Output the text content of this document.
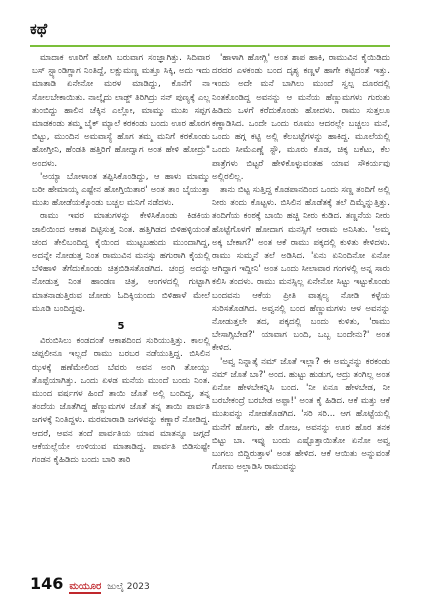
ಕಥೆ

ಮಾದಾಕ ಊರಿಗೆ ಹೋಗಿ ಬರುವಾಗ ಸಂಜ್ಞಾಗಿತ್ತು. ಸಿದಿವಾರ ಬಸ್ ಸ್ಟ್ಯಾಂಡಿಗ್ಣಾಗ ನಿಂತಿದ್ದೆ, ಲಕ್ಷುಮಣ್ಣ ಮತ್ತೂ ಸಿಕ್ಕಿ, ಅದು ಇದು ಮಾತಾಡಿ ಏನೇನೋ ಮರಳ ಮಾಡಿದ್ದು, ಕೊನೆಗೆ ನಾ ಸೋಲಬೇಕಾಯಿತು. ನಾಲ್ಕೈದು ಲಾಡ್ಜ್ ತಿರಿಗಿದ್ರು ನನ್ ಪುಣ್ಯಕ್ಕೆ ಎಲ್ಲ ತುಂಬಿದ್ದು ಹಾಲಿನ ಚೆಕ್ಕಿನ ಎಲ್ಲೋ, ಮಾಮ್ಮು ಮುಖ ಸಪ್ಪಗ ಮಾಡಕಂಡು ತಮ್ಮ ಬೈಕ್ ಮ್ಯಾಲೆ ಕರಕಂಡು ಬಂದು ಊರ ಹೊರಗ ಬಿಟ್ಟು, ಮುಂದಿನ ಅಮವಾಸ್ಯೆ ಹೊಗ ತಮ್ಮ ಮನಿಗೆ ಕರಕೊಂಡು ಹೋಗ್ತೀನಿ, ಹೆಂಡತಿ ಹತ್ತಿರಿಗೆ ಹೋದ್ವಾಗ ಅಂತ ಹೇಳಿ ಹೋದ್ರು" ಅಂದಳು.

'ಅಯ್ಯಾ ಬೋಳಾಂತ ತಪ್ಪಿಸಿಕೊಂಡಿದ್ದು, ಆ ಹಾಳು ಮಾಮ್ಮು ಬರೀ ಹೇಮಾಯ್ಕ ಎಷ್ಟೇನ ಹೋಗ್ತಿಯಿತಾರ' ಅಂತ ತಾಂ ಬೈಯುತ್ತಾ ಮುಖ ಹೋಡೆಯಕ್ಕೊಂಡು ಬಚ್ಚಲ ಮನಿಗೆ ನಡೆದಳು.

ರಾಮು ಇವರ ಮಾತುಗಳನ್ನು ಕೇಳಿಸಿಕೊಂಡು ಕಿಡಕಿಯ ಜಾಲಿಯಿಂದ ಆಕಾಶ ದಿಟ್ಟಿಸುತ್ತ ನಿಂತ. ಹತ್ತಿಗಿಡದ ಬಿಳಿಹಳ್ಳಿಯಂತೆ ಚಂದ ತೇಲಿಬಂದಿದ್ದ ಕೈಯಿಂದ ಮುಟ್ಟಬಹುದು ಮುಂದಾಗಿದ್ದ, ಅದನ್ನೇ ನೋಡುತ್ತ ನಿಂತ ರಾಮುವಿನ ಮನಸ್ಸು ಹಗುರಾಗಿ ಕೈಯಲ್ಲಿ ಬೆಳಿಹಾಳಿ ತೆಗೆದುಕೊಂಡು ಚಿತ್ರಬಿಡಿಸತೊಡಗಿದ. ಚಂದ್ರ ಅದನ್ನು ನೋಡುತ್ತ ನಿಂತ ಹಾಂಡಣ ಚಿತ್ರ, ಆಂಗಳದಲ್ಲಿ ಗುಟ್ಟಾಗಿ ಮಾತನಾಡುತ್ತಿರುವ ಜೋಡು ಓದಿಕ್ಕಿಯಂದು ಬಿಳಿಹಾಳೆ ಮೇಲೆ ಮೂಡಿ ಬಂದಿದ್ದವು.

5

ವಿರುಬಿಸಿಲು ಕಂಡದಂತೆ ಆಕಾಶದಿಂದ ಸುರಿಯುತ್ತಿತ್ತು. ಕಾಲಲ್ಲಿ ಚಪ್ಪಲೀನೂ ಇಲ್ಲದೆ ರಾಮು ಬರಬರ ನಡೆಯುತ್ತಿದ್ದ. ಬಿಸಿಲಿನ ಝಳಕ್ಕೆ ಹಣೆಮೇಲಿಂದ ಬೆವರು ಅವನ ಅಂಗಿ ತೋಯ್ದು ತೊಪ್ಪೆಯಾಗಿತ್ತು. ಒಂದು ಏಳಡ ಮನೆಯ ಮುಂದೆ ಬಂದು ನಿಂತ. ಮುಂದ ವರ್ಷಗಳ ಹಿಂದೆ ತಾಯಿ ಜೊತೆ ಅಲ್ಲಿ ಬಂದಿದ್ದ, ತನ್ನ ತಂದೆಯ ಜೊತೆಗಿದ್ದ ಹೆಣ್ಣುಮಗಳ ಜೊತೆ ತನ್ನ ತಾಯಿ ಪಾರ್ವತಿ ಜಗಳಕ್ಕೆ ನಿಂತಿದ್ದಳು. ಮರಮಾರಾಡಿ ಜಗಳವನ್ನು ಕಣ್ಣಾರೆ ನೋಡಿದ್ದ. ಆದರೆ, ಆವನ ತಂದೆ ಪಾರ್ವತಿಯ ಯಾವ ಮಾತನ್ನೂ ಜಗ್ಗದೆ ಆಕೆಯಲ್ಲೆಯೇ ಉಳಿಯುವ ಮಾತಾಡಿದ್ದ. ಪಾರ್ವತಿ ಬಿಡಿಸುಷ್ಟೇ ಗಂಡನ ಕೈಹಿಡಿದು ಬಂದು ಬಾರಿ ತಾರಿ

'ಹಾಳಾಗಿ ಹೋಗ್ಲಿ' ಅಂತ ಶಾಪ ಹಾಕಿ, ರಾಮುವಿನ ಕೈಯಿಡಿದು ದರದರ ಎಳಕಂಡು ಬಂದ ದೃಶ್ಯ ಕಣ್ಣಳೆ ಹಾಗೇ ಕಟ್ಟಿದಂತೆ ಇತ್ತು. ಇಂದು ಅದೇ ಮನೆ ಬಾಗಿಲು ಮುಂದೆ ಸ್ವಲ್ಪ ದೂರದಲ್ಲಿ ನಿಂತಕೊಂಡಿದ್ದ ಅವನನ್ನು ಆ ಮನೆಯ ಹೆಣ್ಣುಮಗಳು ಗುರುತು ಹಿಡಿದು ಒಳಗೆ ಕರೆದುಕೊಂಡು ಹೋದಳು. ರಾಮು ಸುತ್ತಲೂ ಕಣ್ಣಾಡಿಸಿದ. ಒಂದೇ ಒಂದು ರೂಮು ಆದರಲ್ಲೇ ಬಚ್ಚಲು ಮನೆ, ಒಂದು ಹಗ್ಗ ಕಟ್ಟಿ ಅಲ್ಲಿ ಕೆಲಬಟ್ಟೆಗಳನ್ನು ಹಾಕಿದ್ದ. ಮೂಲೆಯಲ್ಲಿ ಒಂದು ಸೀಮೆಎಣ್ಣೆ ಸ್ಟೌ, ಮೂರು ಕೊಡ, ಚಿಕ್ಕ ಬಕೆಟು, ಕೆಲ ಪಾತ್ರೆಗಳು ಬಿಟ್ಟರೆ ಹೇಳಿಕೊಳ್ಳುವಂತಹ ಯಾವ ಸೌಕರ್ಯವು ಅಲ್ಲಿರಲಿಲ್ಲ.

ತಾನು ಬಿಟ್ಟ ಸುತ್ತಿದ್ದ ಕೊಡಪಾನದಿಂದ ಒಂದು ಸಣ್ಣ ತಂದಿಗೆ ಅಲ್ಲಿ ನೀರು ತಂದು ಕೊಟ್ಟಳು. ಬಿಸಿಲಿನ ಹೊಡೆತಕ್ಕೆ ತಲೆ ದಿಮ್ಮೆನ್ನುತ್ತಿತ್ತು. ತಂದಿಗೆಯ ಕಂಠಕ್ಕೆ ಬಾಯಿ ಹಚ್ಚಿ ನೀರು ಕುಡಿದ. ತಣ್ಣನೆಯ ನೀರು ಹೊಟ್ಟೆಗೊಳಗೆ ಹೋದಾಗ ಮನಸ್ಸಿಗೆ ಆರಾಮ ಅನಿಸಿತು. 'ಅಮ್ಮ ಅಕ್ಕ ಬೇಕಾಗ?' ಅಂತ ಆಕೆ ರಾಮು ಪಕ್ಕದಲ್ಲಿ ಕುಳಿತು ಕೇಳಿದಳು. ರಾಮು ಸುಮ್ಮನೆ ತಲೆ ಅಡಿಸಿದ. 'ಏನು ಏನಿಂದಿನೋ ಏನೋ ಆಗಿದ್ದಾಗ ಇದ್ದೀನಿ' ಅಂತ ಒಂದು ಸೀಲಾವಾರ ಗಂಗಳಲ್ಲಿ ಅನ್ನ ಸಾರು ಕಲಿಸಿ ತಂದಳು. ರಾಮು ಮನಸ್ಸಿಲ್ಲ ಏನೇನೋ ಸಿಟ್ಟು ಇಟ್ಟುಕೊಂಡು ಬಂದವನು ಆಕೆಯ ಪ್ರೀತಿ ವಾತ್ಸಲ್ಯ ನೋಡಿ ಕಳ್ಳೆಯ ಸುರಿಸತೊಡಗಿದ. ಅವ್ವನಲ್ಲಿ ಬಂದ ಹೆಣ್ಣುಮಗಳು ಆಳ ಅವನನ್ನು ನೋಡುತ್ತಲೇ ತದ, ಪಕ್ಕದಲ್ಲಿ ಬಂದು ಕುಳಿತು, 'ರಾಮು ಬೇಸಾಗ್ಸಿಬೇಡ?' ಯಾವಾಗ ಬಂದಿ, ಒಬ್ಬ ಬಂದೇನು?' ಅಂತ ಕೇಳಿದ.

'ಅವ್ವ ನಿನ್ನಾತ್ಕೆ ನಮ್ ಜೊತೆ ಇಲ್ಲಾ? ಈ ಅಮ್ಮನನ್ನು ಕರಕಂಡು ನಮ್ ಜೊತೆ ಬಾ?' ಅಂದ. ಹುಟ್ಟು ಹುಡುಗ, ಆದ್ರು ತಂಗಿಲ್ಲ ಅಂತ ಏನೋ ಹೇಳಬೇಕನ್ನಿಸಿ ಬಂದ. 'ನೀ ಏನೂ ಹೇಳಬೇಡ, ನೀ ಬರಬೇಕಂದ್ರೆ ಬರಬೇಡ ಅಪ್ಪಾ!' ಅಂತ ಕೈ ಹಿಡಿದ. ಆಕೆ ಮತ್ತು ಆಕೆ ಮುಖವನ್ನು ನೋಡತೊಡಗಿದ. 'ಸರಿ ಸರಿ... ಆಗ ಹೊಟ್ಟೆಯಲ್ಲಿ ಮನೆಗೆ ಹೋಗು, ಹೇ ರೋಜ, ಅವನನ್ನು ಊರ ಹೊರ ತನಕ ಬಿಟ್ಟು ಬಾ. ಇವ್ನು ಬಂದು ಎಷ್ಟೊತ್ತಾಯಿತೋ ಏನೋ ಅವ್ವ ಬುಗಲು ಬಿದ್ದಿರುತ್ತಾಳ' ಅಂತ ಹೇಳಿದ. ಆಕೆ ಆಯಿತು ಅನ್ನುವಂತೆ ಗೋಣು ಅಲ್ಲಾಡಿಸಿ ರಾಮುವನ್ನು

146 ಮಯೂರ ಜುಲೈ 2023
